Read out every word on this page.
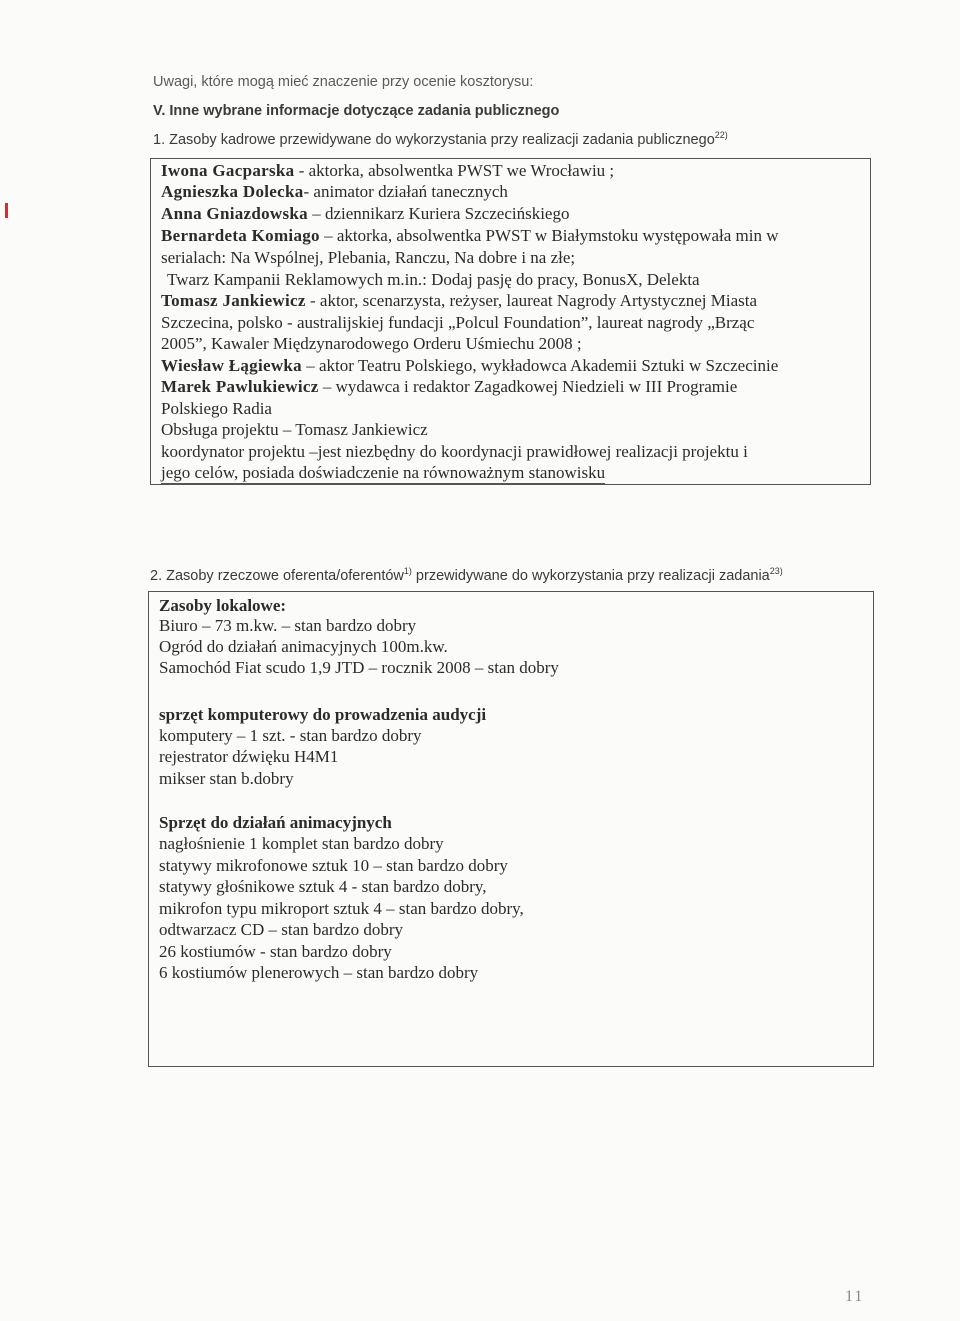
Uwagi, które mogą mieć znaczenie przy ocenie kosztorysu:
V. Inne wybrane informacje dotyczące zadania publicznego
1. Zasoby kadrowe przewidywane do wykorzystania przy realizacji zadania publicznego$^{22)}$
Iwona Gacparska - aktorka, absolwentka PWST we Wrocławiu ;
Agnieszka Dolecka- animator działań tanecznych
Anna Gniazdowska – dziennikarz Kuriera Szczecińskiego
Bernardeta Komiago – aktorka, absolwentka PWST w Białymstoku występowała min w
serialach: Na Wspólnej, Plebania, Ranczu, Na dobre i na złe;
Twarz Kampanii Reklamowych m.in.: Dodaj pasję do pracy, BonusX, Delekta
Tomasz Jankiewicz - aktor, scenarzysta, reżyser, laureat Nagrody Artystycznej Miasta
Szczecina, polsko - australijskiej fundacji „Polcul Foundation”, laureat nagrody „Brząc
2005”, Kawaler Międzynarodowego Orderu Uśmiechu 2008 ;
Wiesław Łągiewka – aktor Teatru Polskiego, wykładowca Akademii Sztuki w Szczecinie
Marek Pawlukiewicz – wydawca i redaktor Zagadkowej Niedzieli w III Programie
Polskiego Radia
Obsługa projektu – Tomasz Jankiewicz
koordynator projektu –jest niezbędny do koordynacji prawidłowej realizacji projektu i
jego celów, posiada doświadczenie na równoważnym stanowisku
2. Zasoby rzeczowe oferenta/oferentów$^{1)}$ przewidywane do wykorzystania przy realizacji zadania$^{23)}$
Zasoby lokalowe:
Biuro – 73 m.kw. – stan bardzo dobry
Ogród do działań animacyjnych 100m.kw.
Samochód Fiat scudo 1,9 JTD – rocznik 2008 – stan dobry
sprzęt komputerowy do prowadzenia audycji
komputery – 1 szt. - stan bardzo dobry
rejestrator dźwięku H4M1
mikser stan b.dobry
Sprzęt do działań animacyjnych
nagłośnienie 1 komplet stan bardzo dobry
statywy mikrofonowe sztuk 10 – stan bardzo dobry
statywy głośnikowe sztuk 4 - stan bardzo dobry,
mikrofon typu mikroport sztuk 4 – stan bardzo dobry,
odtwarzacz CD – stan bardzo dobry
26 kostiumów - stan bardzo dobry
6 kostiumów plenerowych – stan bardzo dobry
11
